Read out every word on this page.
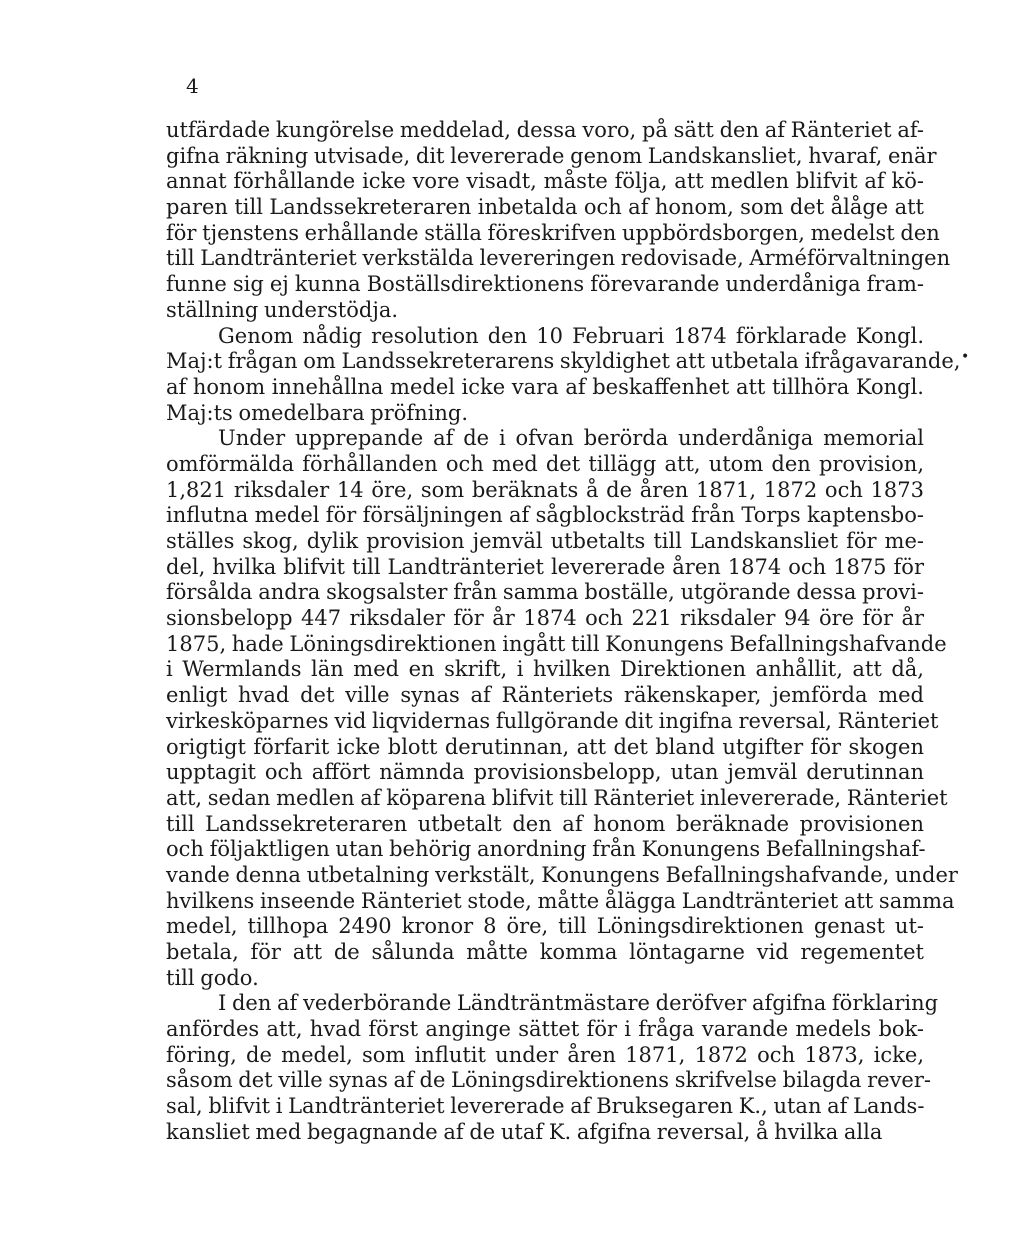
4

•
utfärdade kungörelse meddelad, dessa voro, på sätt den af Ränteriet af-
gifna räkning utvisade, dit levererade genom Landskansliet, hvaraf, enär
annat förhållande icke vore visadt, måste följa, att medlen blifvit af kö-
paren till Landssekreteraren inbetalda och af honom, som det ålåge att
för tjenstens erhållande ställa föreskrifven uppbördsborgen, medelst den
till Landtränteriet verkstälda levereringen redovisade, Arméförvaltningen
funne sig ej kunna Boställsdirektionens förevarande underdåniga fram-
ställning understödja.
Genom nådig resolution den 10 Februari 1874 förklarade Kongl.
Maj:t frågan om Landssekreterarens skyldighet att utbetala ifrågavarande,
af honom innehållna medel icke vara af beskaffenhet att tillhöra Kongl.
Maj:ts omedelbara pröfning.
Under upprepande af de i ofvan berörda underdåniga memorial
omförmälda förhållanden och med det tillägg att, utom den provision,
1,821 riksdaler 14 öre, som beräknats å de åren 1871, 1872 och 1873
influtna medel för försäljningen af sågblocksträd från Torps kaptensbo-
ställes skog, dylik provision jemväl utbetalts till Landskansliet för me-
del, hvilka blifvit till Landtränteriet levererade åren 1874 och 1875 för
försålda andra skogsalster från samma boställe, utgörande dessa provi-
sionsbelopp 447 riksdaler för år 1874 och 221 riksdaler 94 öre för år
1875, hade Löningsdirektionen ingått till Konungens Befallningshafvande
i Wermlands län med en skrift, i hvilken Direktionen anhållit, att då,
enligt hvad det ville synas af Ränteriets räkenskaper, jemförda med
virkesköparnes vid liqvidernas fullgörande dit ingifna reversal, Ränteriet
origtigt förfarit icke blott derutinnan, att det bland utgifter för skogen
upptagit och affört nämnda provisionsbelopp, utan jemväl derutinnan
att, sedan medlen af köparena blifvit till Ränteriet inlevererade, Ränteriet
till Landssekreteraren utbetalt den af honom beräknade provisionen
och följaktligen utan behörig anordning från Konungens Befallningshaf-
vande denna utbetalning verkstält, Konungens Befallningshafvande, under
hvilkens inseende Ränteriet stode, måtte ålägga Landtränteriet att samma
medel, tillhopa 2490 kronor 8 öre, till Löningsdirektionen genast ut-
betala, för att de sålunda måtte komma löntagarne vid regementet
till godo.
I den af vederbörande Ländträntmästare deröfver afgifna förklaring
anfördes att, hvad först anginge sättet för i fråga varande medels bok-
föring, de medel, som influtit under åren 1871, 1872 och 1873, icke,
såsom det ville synas af de Löningsdirektionens skrifvelse bilagda rever-
sal, blifvit i Landtränteriet levererade af Bruksegaren K., utan af Lands-
kansliet med begagnande af de utaf K. afgifna reversal, å hvilka alla
